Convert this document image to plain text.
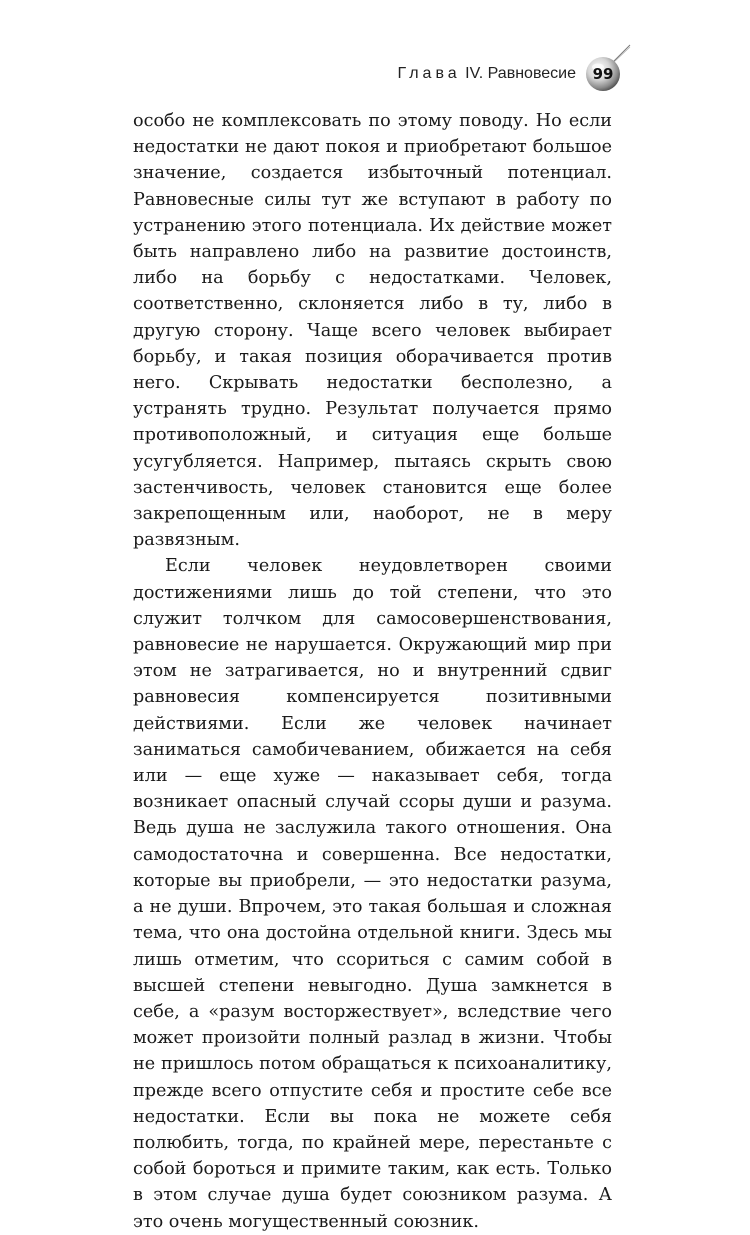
Глава IV. Равновесие	99

особо не комплексовать по этому поводу. Но если недостатки не дают покоя и приобретают большое значение, создается избыточный потенциал. Равновесные силы тут же вступают в работу по устранению этого потенциала. Их действие может быть направлено либо на развитие достоинств, либо на борьбу с недостатками. Человек, соответственно, склоняется либо в ту, либо в другую сторону. Чаще всего человек выбирает борьбу, и такая позиция оборачивается против него. Скрывать недостатки бесполезно, а устранять трудно. Результат получается прямо противоположный, и ситуация еще больше усугубляется. Например, пытаясь скрыть свою застенчивость, человек становится еще более закрепощенным или, наоборот, не в меру развязным.

Если человек неудовлетворен своими достижениями лишь до той степени, что это служит толчком для самосовершенствования, равновесие не нарушается. Окружающий мир при этом не затрагивается, но и внутренний сдвиг равновесия компенсируется позитивными действиями. Если же человек начинает заниматься самобичеванием, обижается на себя или — еще хуже — наказывает себя, тогда возникает опасный случай ссоры души и разума. Ведь душа не заслужила такого отношения. Она самодостаточна и совершенна. Все недостатки, которые вы приобрели, — это недостатки разума, а не души. Впрочем, это такая большая и сложная тема, что она достойна отдельной книги. Здесь мы лишь отметим, что ссориться с самим собой в высшей степени невыгодно. Душа замкнется в себе, а «разум восторжествует», вследствие чего может произойти полный разлад в жизни. Чтобы не пришлось потом обращаться к психоаналитику, прежде всего отпустите себя и простите себе все недостатки. Если вы пока не можете себя полюбить, тогда, по крайней мере, перестаньте с собой бороться и примите таким, как есть. Только в этом случае душа будет союзником разума. А это очень могущественный союзник.
